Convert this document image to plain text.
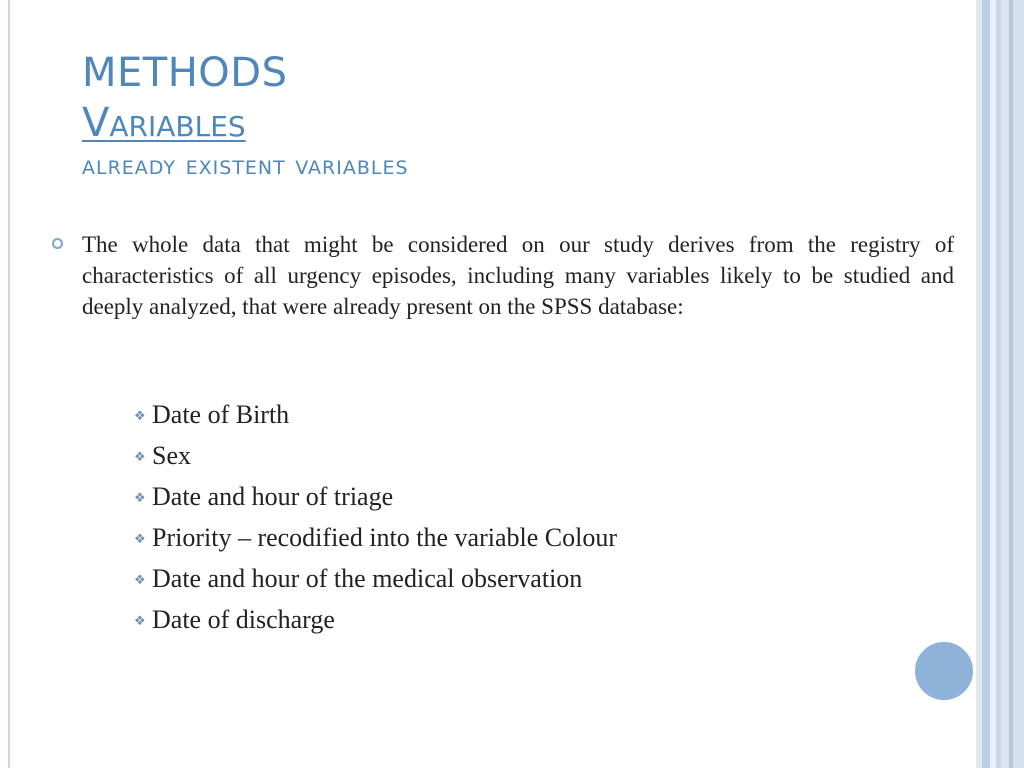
METHODS
Variables
already existent variables
The whole data that might be considered on our study derives from the registry of characteristics of all urgency episodes, including many variables likely to be studied and deeply analyzed, that were already present on the SPSS database:
❖ Date of Birth
❖ Sex
❖ Date and hour of triage
❖ Priority – recodified into the variable Colour
❖ Date and hour of the medical observation
❖ Date of discharge
